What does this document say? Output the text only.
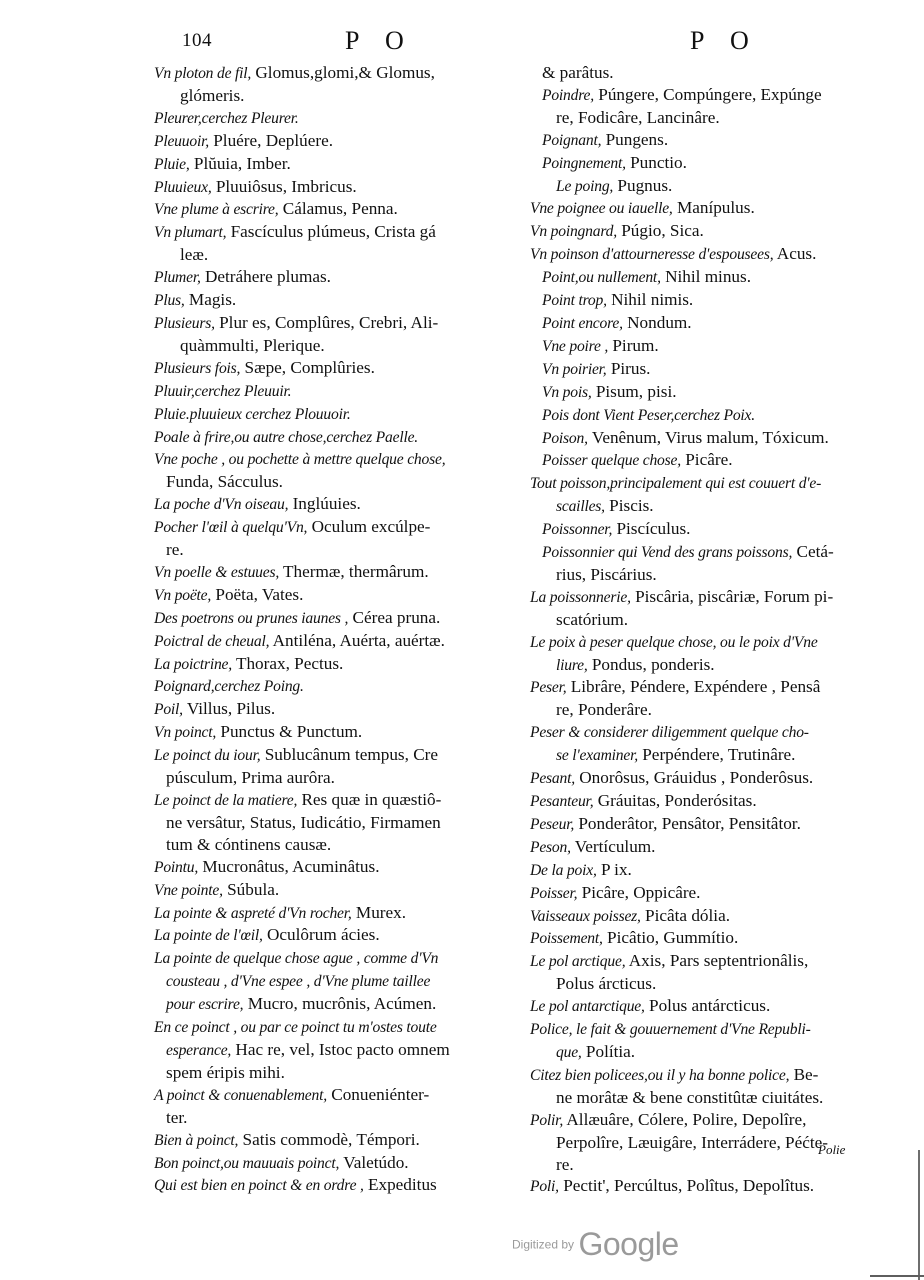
104	P O	P O
Vn ploton de fil, Glomus,glomi,& Glomus,
glómeris.
Pleurer,cerchez Pleurer.
Pleuuoir, Pluére, Deplúere.
Pluie, Plŭuia, Imber.
Pluuieux, Pluuiôsus, Imbricus.
Vne plume à escrire, Cálamus, Penna.
Vn plumart, Fascículus plúmeus, Crista gá
leæ.
Plumer, Detráhere plumas.
Plus, Magis.
Plusieurs, Plur es, Complûres, Crebri, Ali-
quàmmulti, Plerique.
Plusieurs fois, Sæpe, Complûries.
Pluuir,cerchez Pleuuir.
Pluie.pluuieux cerchez Plouuoir.
Poale à frire,ou autre chose,cerchez Paelle.
Vne poche , ou pochette à mettre quelque chose,
Funda, Sácculus.
La poche d'Vn oiseau, Inglúuies.
Pocher l'œil à quelqu'Vn, Oculum excúlpe-
re.
Vn poelle & estuues, Thermæ, thermârum.
Vn poëte, Poëta, Vates.
Des poetrons ou prunes iaunes , Cérea pruna.
Poictral de cheual, Antiléna, Auérta, auértæ.
La poictrine, Thorax, Pectus.
Poignard,cerchez Poing.
Poil, Villus, Pilus.
Vn poinct, Punctus & Punctum.
Le poinct du iour, Sublucânum tempus, Cre
púsculum, Prima aurôra.
Le poinct de la matiere, Res quæ in quæstiô-
ne versâtur, Status, Iudicátio, Firmamen
tum & cóntinens causæ.
Pointu, Mucronâtus, Acuminâtus.
Vne pointe, Súbula.
La pointe & aspreté d'Vn rocher, Murex.
La pointe de l'œil, Oculôrum ácies.
La pointe de quelque chose ague , comme d'Vn
cousteau , d'Vne espee , d'Vne plume taillee
pour escrire, Mucro, mucrônis, Acúmen.
En ce poinct , ou par ce poinct tu m'ostes toute
esperance, Hac re, vel, Istoc pacto omnem
spem éripis mihi.
A poinct & conuenablement, Conueniénter-
ter.
Bien à poinct, Satis commodè, Témpori.
Bon poinct,ou mauuais poinct, Valetúdo.
Qui est bien en poinct & en ordre , Expeditus
& parâtus.
Poindre, Púngere, Compúngere, Expúnge
re, Fodicâre, Lancinâre.
Poignant, Pungens.
Poingnement, Punctio.
Le poing, Pugnus.
Vne poignee ou iauelle, Manípulus.
Vn poingnard, Púgio, Sica.
Vn poinson d'attourneresse d'espousees, Acus.
Point,ou nullement, Nihil minus.
Point trop, Nihil nimis.
Point encore, Nondum.
Vne poire , Pirum.
Vn poirier, Pirus.
Vn pois, Pisum, pisi.
Pois dont Vient Peser,cerchez Poix.
Poison, Venênum, Virus malum, Tóxicum.
Poisser quelque chose, Picâre.
Tout poisson,principalement qui est couuert d'e-
scailles, Piscis.
Poissonner, Piscículus.
Poissonnier qui Vend des grans poissons, Cetá-
rius, Piscárius.
La poissonnerie, Piscâria, piscâriæ, Forum pi-
scatórium.
Le poix à peser quelque chose, ou le poix d'Vne
liure, Pondus, ponderis.
Peser, Librâre, Péndere, Expéndere , Pensâ
re, Ponderâre.
Peser & considerer diligemment quelque cho-
se l'examiner, Perpéndere, Trutinâre.
Pesant, Onorôsus, Gráuidus , Ponderôsus.
Pesanteur, Gráuitas, Ponderósitas.
Peseur, Ponderâtor, Pensâtor, Pensitâtor.
Peson, Vertículum.
De la poix, P ix.
Poisser, Picâre, Oppicâre.
Vaisseaux poissez, Picâta dólia.
Poissement, Picâtio, Gummítio.
Le pol arctique, Axis, Pars septentrionâlis,
Polus árcticus.
Le pol antarctique, Polus antárcticus.
Police, le fait & gouuernement d'Vne Republi-
que, Polítia.
Citez bien policees,ou il y ha bonne police, Be-
ne morâtæ & bene constitûtæ ciuitátes.
Polir, Allæuâre, Cólere, Polire, Depolîre,
Perpolîre, Læuigâre, Interrádere, Péćte-
re.
Poli, Pectit', Percúltus, Polîtus, Depolîtus.
Polie
Digitized by Google
